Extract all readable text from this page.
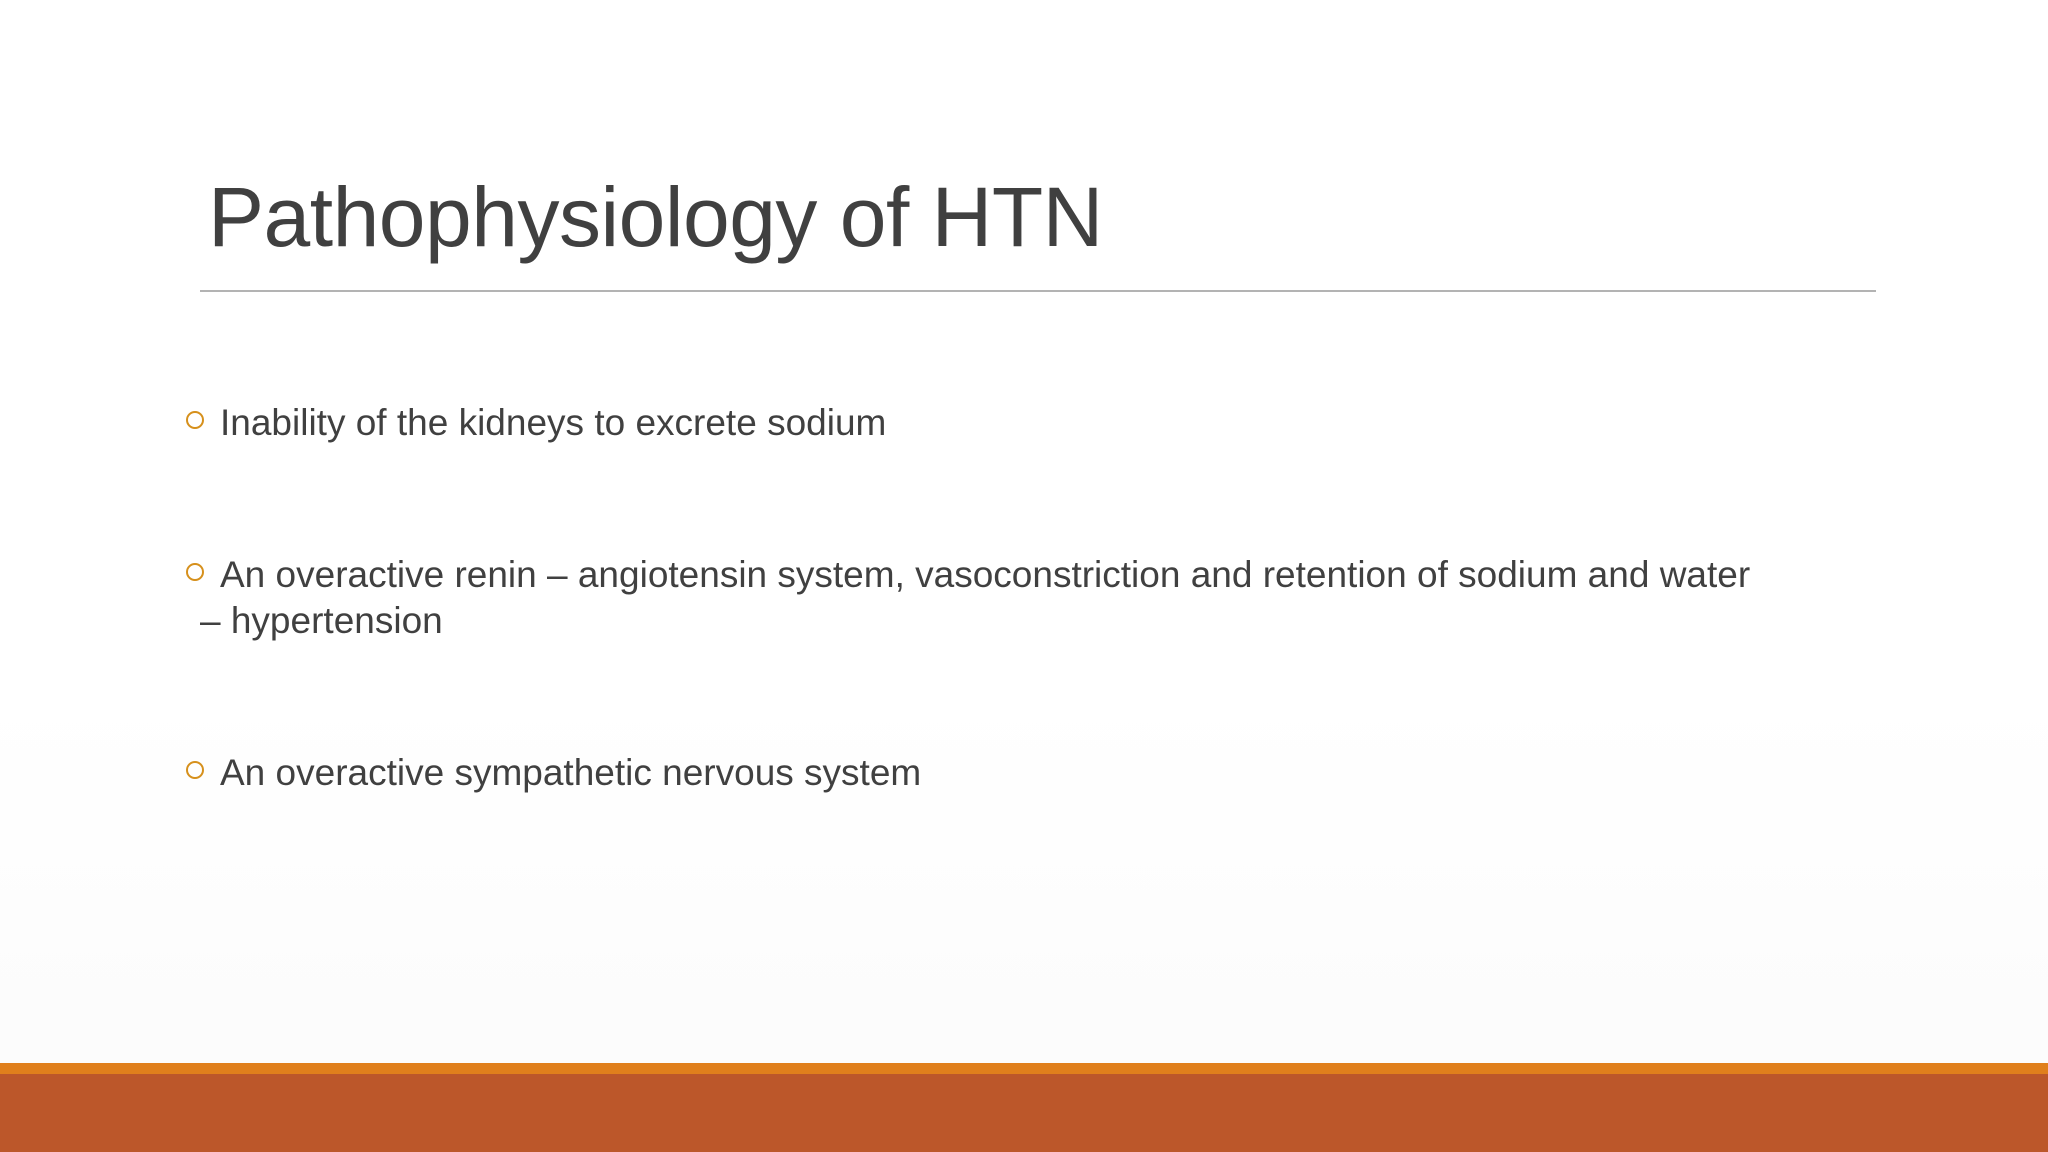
Pathophysiology of HTN
Inability of the kidneys to excrete sodium
An overactive renin – angiotensin system, vasoconstriction and retention of sodium and water
– hypertension
An overactive sympathetic nervous system
